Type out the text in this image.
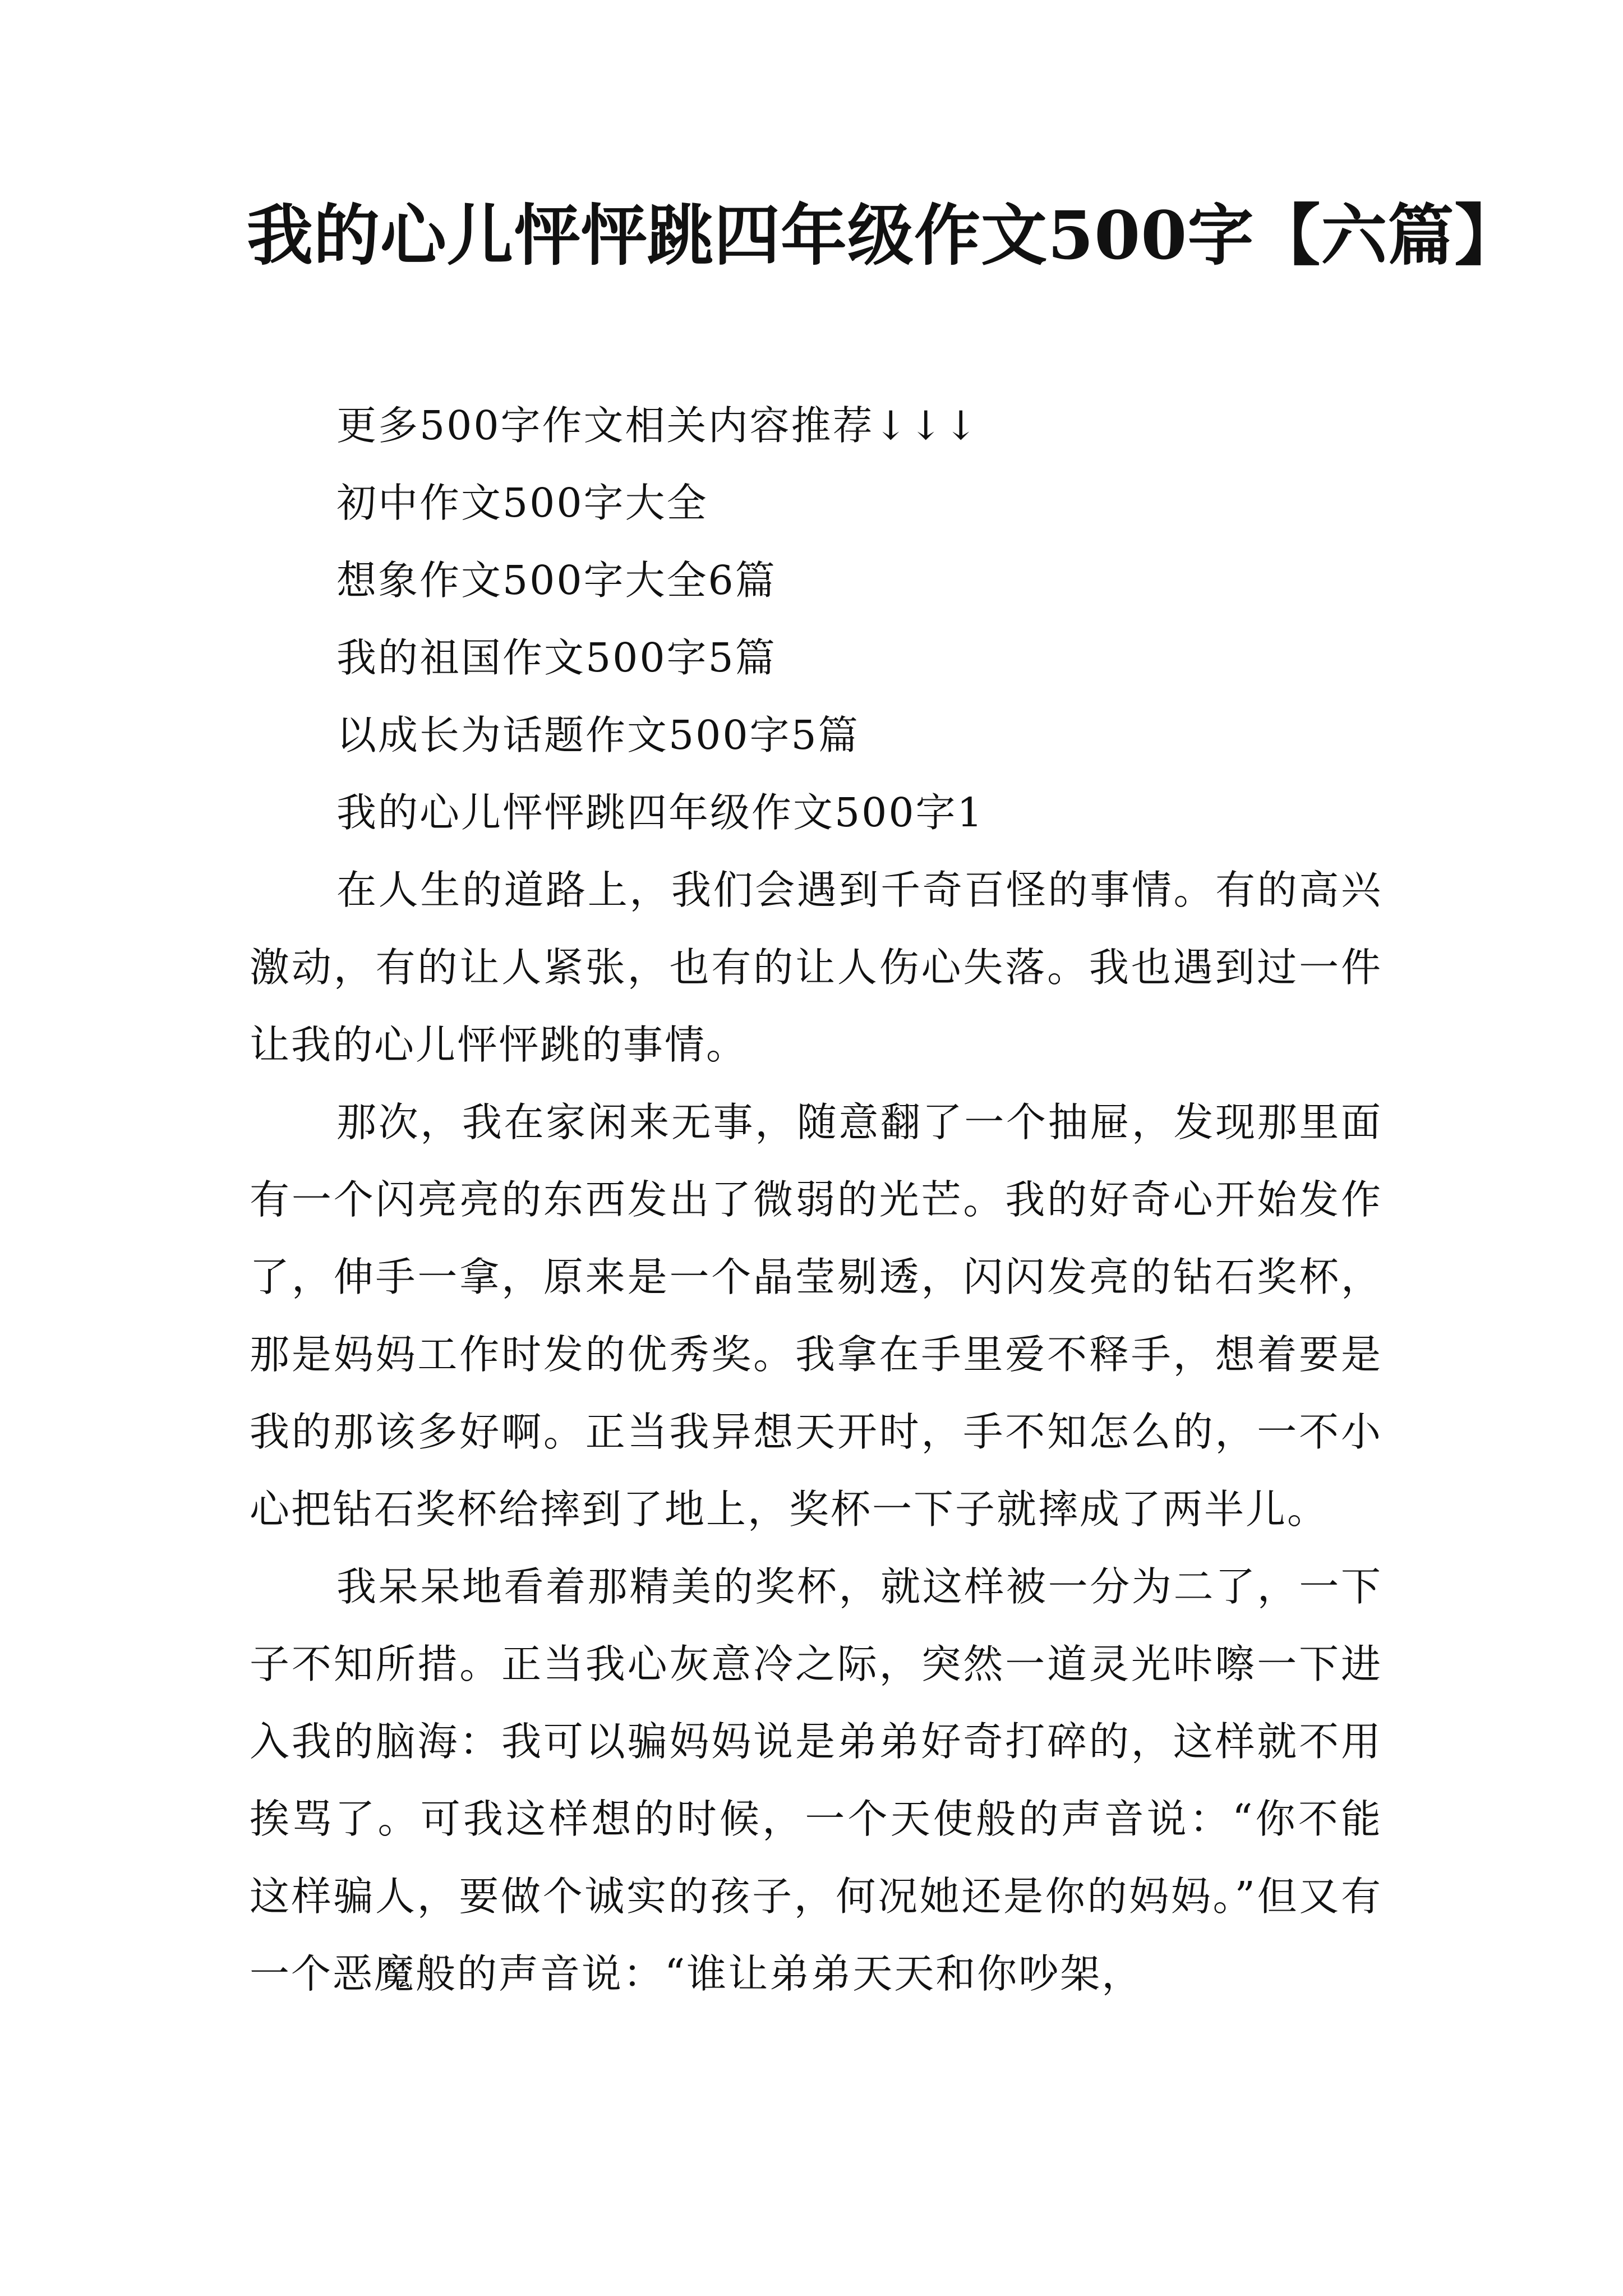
我的心儿怦怦跳四年级作文500字【六篇】
更多500字作文相关内容推荐↓↓↓
初中作文500字大全
想象作文500字大全6篇
我的祖国作文500字5篇
以成长为话题作文500字5篇
我的心儿怦怦跳四年级作文500字1

在人生的道路上，我们会遇到千奇百怪的事情。有的高兴激动，有的让人紧张，也有的让人伤心失落。我也遇到过一件让我的心儿怦怦跳的事情。

那次，我在家闲来无事，随意翻了一个抽屉，发现那里面有一个闪亮亮的东西发出了微弱的光芒。我的好奇心开始发作了，伸手一拿，原来是一个晶莹剔透，闪闪发亮的钻石奖杯，那是妈妈工作时发的优秀奖。我拿在手里爱不释手，想着要是我的那该多好啊。正当我异想天开时，手不知怎么的，一不小心把钻石奖杯给摔到了地上，奖杯一下子就摔成了两半儿。

我呆呆地看着那精美的奖杯，就这样被一分为二了，一下子不知所措。正当我心灰意冷之际，突然一道灵光咔嚓一下进入我的脑海：我可以骗妈妈说是弟弟好奇打碎的，这样就不用挨骂了。可我这样想的时候，一个天使般的声音说：“你不能这样骗人，要做个诚实的孩子，何况她还是你的妈妈。”但又有一个恶魔般的声音说：“谁让弟弟天天和你吵架，
